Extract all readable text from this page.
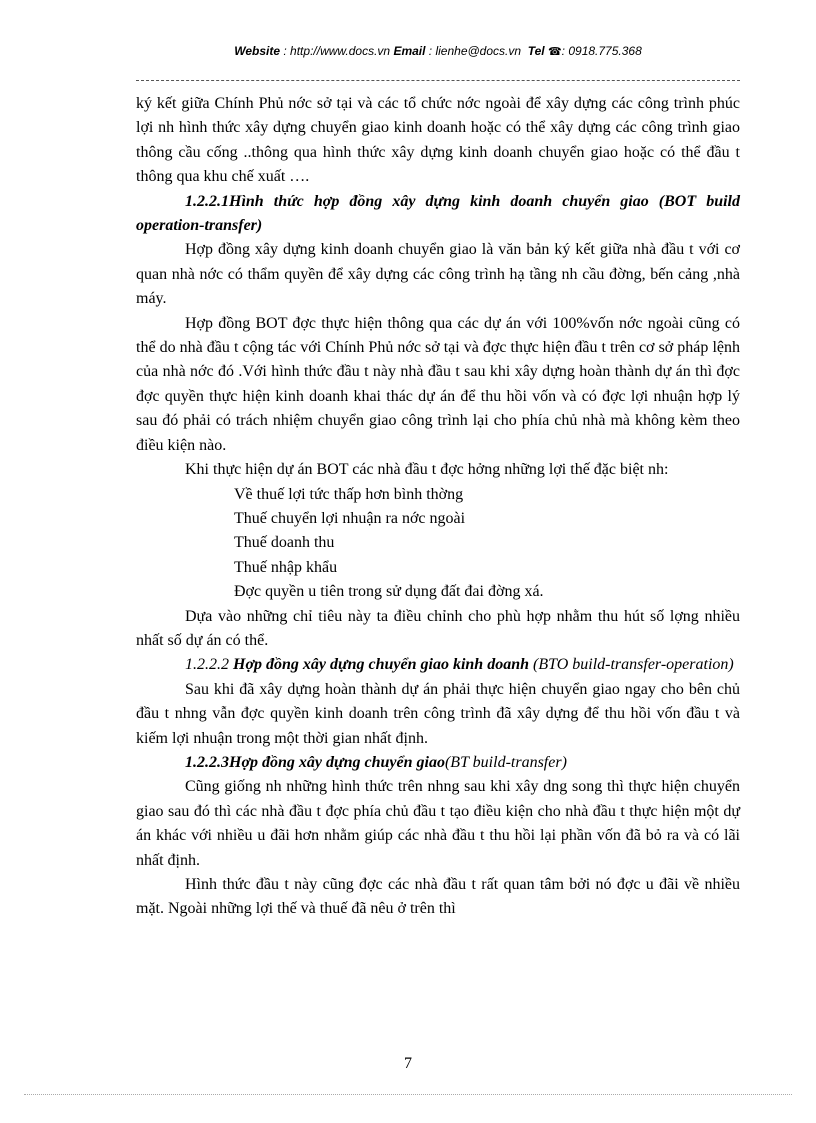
Website : http://www.docs.vn Email : lienhe@docs.vn Tel ☎: 0918.775.368

ký kết giữa Chính Phủ nớc sở tại và các tổ chức nớc ngoài để xây dựng các công trình phúc lợi nh hình thức xây dựng chuyển giao kinh doanh hoặc có thể xây dựng các công trình giao thông cầu cống ..thông qua hình thức xây dựng kinh doanh chuyển giao hoặc có thể đầu t thông qua khu chế xuất ….

1.2.2.1Hình thức hợp đồng xây dựng kinh doanh chuyển giao (BOT build operation-transfer)

Hợp đồng xây dựng kinh doanh chuyển giao là văn bản ký kết giữa nhà đầu t với cơ quan nhà nớc có thẩm quyền để xây dựng các công trình hạ tầng nh cầu đờng, bến cảng ,nhà máy.

Hợp đồng BOT đợc thực hiện thông qua các dự án với 100%vốn nớc ngoài cũng có thể do nhà đầu t cộng tác với Chính Phủ nớc sở tại và đợc thực hiện đầu t trên cơ sở pháp lệnh của nhà nớc đó .Với hình thức đầu t này nhà đầu t sau khi xây dựng hoàn thành dự án thì đợc đợc quyền thực hiện kinh doanh khai thác dự án để thu hồi vốn và có đợc lợi nhuận hợp lý sau đó phải có trách nhiệm chuyển giao công trình lại cho phía chủ nhà mà không kèm theo điều kiện nào.

Khi thực hiện dự án BOT các nhà đầu t đợc hởng những lợi thế đặc biệt nh:

Về thuế lợi tức thấp hơn bình thờng
Thuế chuyển lợi nhuận ra nớc ngoài
Thuế doanh thu
Thuế nhập khẩu
Đợc quyền u tiên trong sử dụng đất đai đờng xá.

Dựa vào những chỉ tiêu này ta điều chỉnh cho phù hợp nhằm thu hút số lợng nhiều nhất số dự án có thể.

1.2.2.2 Hợp đồng xây dựng chuyển giao kinh doanh (BTO build-transfer-operation)

Sau khi đã xây dựng hoàn thành dự án phải thực hiện chuyển giao ngay cho bên chủ đầu t nhng vẫn đợc quyền kinh doanh trên công trình đã xây dựng để thu hồi vốn đầu t và kiếm lợi nhuận trong một thời gian nhất định.

1.2.2.3Hợp đồng xây dựng chuyển giao(BT build-transfer)

Cũng giống nh những hình thức trên nhng sau khi xây dng song thì thực hiện chuyển giao sau đó thì các nhà đầu t đợc phía chủ đầu t tạo điều kiện cho nhà đầu t thực hiện một dự án khác với nhiều u đãi hơn nhằm giúp các nhà đầu t thu hồi lại phần vốn đã bỏ ra và có lãi nhất định.

Hình thức đầu t này cũng đợc các nhà đầu t rất quan tâm bởi nó đợc u đãi về nhiều mặt. Ngoài những lợi thế và thuế đã nêu ở trên thì

7
